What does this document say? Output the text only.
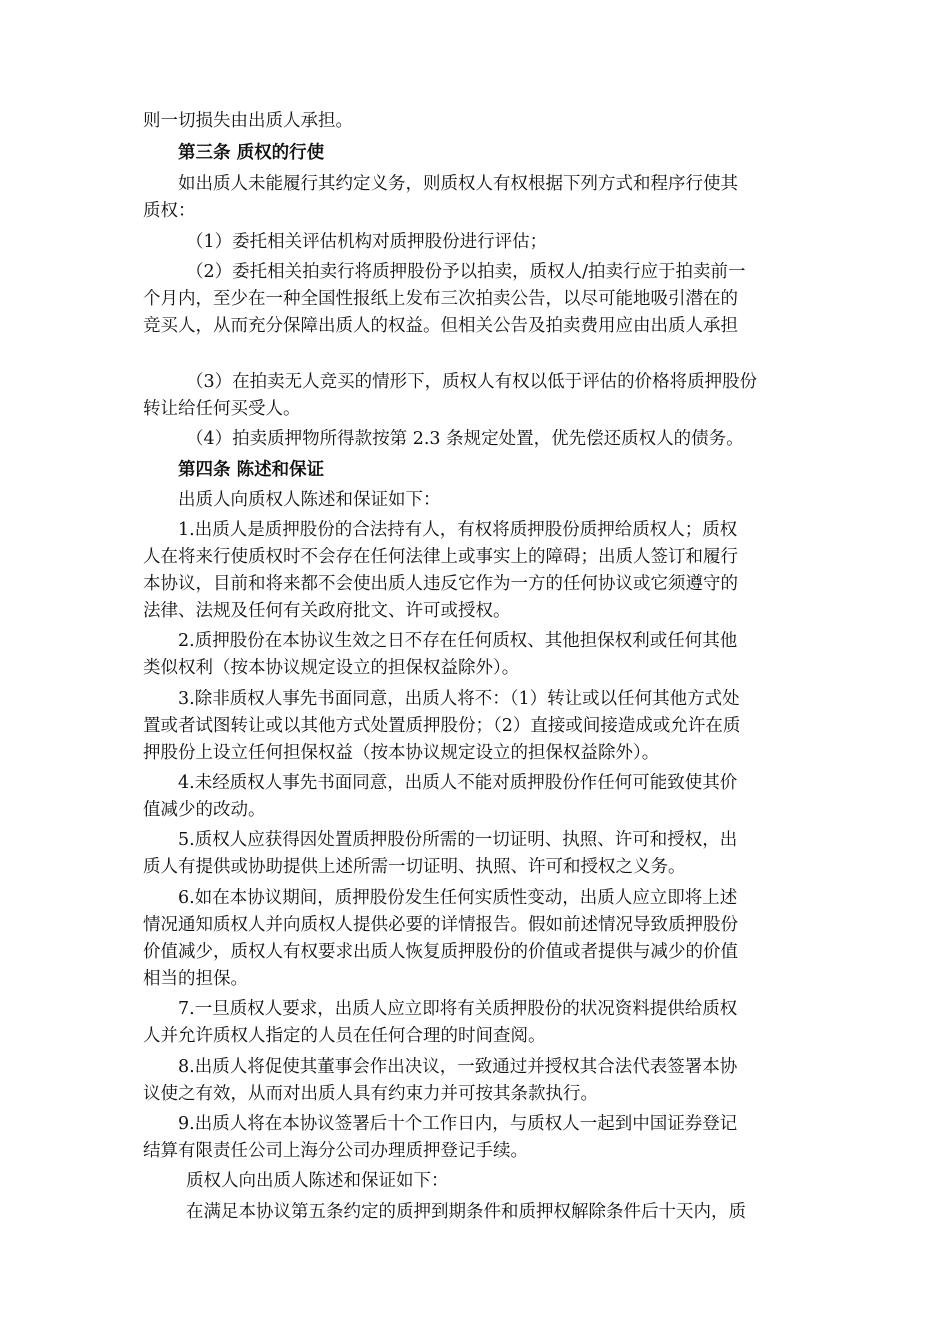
则一切损失由出质人承担。
第三条 质权的行使
如出质人未能履行其约定义务，则质权人有权根据下列方式和程序行使其
质权：
（1）委托相关评估机构对质押股份进行评估；
（2）委托相关拍卖行将质押股份予以拍卖，质权人/拍卖行应于拍卖前一
个月内，至少在一种全国性报纸上发布三次拍卖公告，以尽可能地吸引潜在的
竞买人，从而充分保障出质人的权益。但相关公告及拍卖费用应由出质人承担
（3）在拍卖无人竞买的情形下，质权人有权以低于评估的价格将质押股份
转让给任何买受人。
（4）拍卖质押物所得款按第 2.3 条规定处置，优先偿还质权人的债务。
第四条 陈述和保证
出质人向质权人陈述和保证如下：
1.出质人是质押股份的合法持有人，有权将质押股份质押给质权人；质权
人在将来行使质权时不会存在任何法律上或事实上的障碍；出质人签订和履行
本协议，目前和将来都不会使出质人违反它作为一方的任何协议或它须遵守的
法律、法规及任何有关政府批文、许可或授权。
2.质押股份在本协议生效之日不存在任何质权、其他担保权利或任何其他
类似权利（按本协议规定设立的担保权益除外）。
3.除非质权人事先书面同意，出质人将不：（1）转让或以任何其他方式处
置或者试图转让或以其他方式处置质押股份；（2）直接或间接造成或允许在质
押股份上设立任何担保权益（按本协议规定设立的担保权益除外）。
4.未经质权人事先书面同意，出质人不能对质押股份作任何可能致使其价
值减少的改动。
5.质权人应获得因处置质押股份所需的一切证明、执照、许可和授权，出
质人有提供或协助提供上述所需一切证明、执照、许可和授权之义务。
6.如在本协议期间，质押股份发生任何实质性变动，出质人应立即将上述
情况通知质权人并向质权人提供必要的详情报告。假如前述情况导致质押股份
价值减少，质权人有权要求出质人恢复质押股份的价值或者提供与减少的价值
相当的担保。
7.一旦质权人要求，出质人应立即将有关质押股份的状况资料提供给质权
人并允许质权人指定的人员在任何合理的时间查阅。
8.出质人将促使其董事会作出决议，一致通过并授权其合法代表签署本协
议使之有效，从而对出质人具有约束力并可按其条款执行。
9.出质人将在本协议签署后十个工作日内，与质权人一起到中国证券登记
结算有限责任公司上海分公司办理质押登记手续。
质权人向出质人陈述和保证如下：
在满足本协议第五条约定的质押到期条件和质押权解除条件后十天内，质
